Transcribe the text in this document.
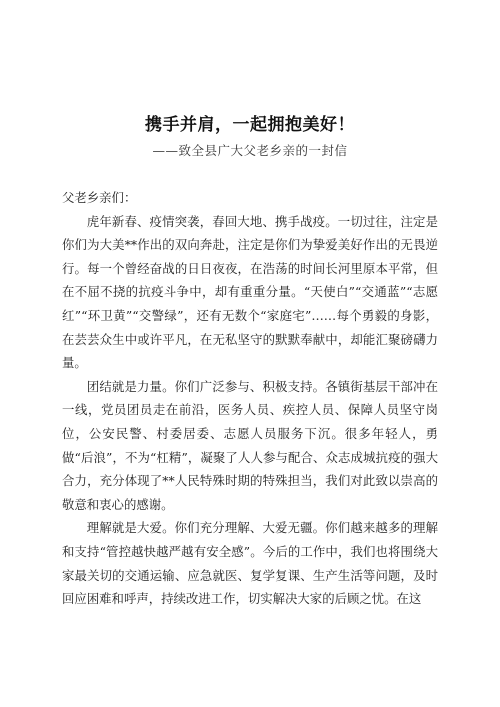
携手并肩，一起拥抱美好！
——致全县广大父老乡亲的一封信

父老乡亲们：

虎年新春、疫情突袭，春回大地、携手战疫。一切过往，注定是你们为大美**作出的双向奔赴，注定是你们为挚爱美好作出的无畏逆行。每一个曾经奋战的日日夜夜，在浩荡的时间长河里原本平常，但在不屈不挠的抗疫斗争中，却有重重分量。“天使白”“交通蓝”“志愿红”“环卫黄”“交警绿”，还有无数个“家庭宅”……每个勇毅的身影，在芸芸众生中或许平凡，在无私坚守的默默奉献中，却能汇聚磅礴力量。

团结就是力量。你们广泛参与、积极支持。各镇街基层干部冲在一线，党员团员走在前沿，医务人员、疾控人员、保障人员坚守岗位，公安民警、村委居委、志愿人员服务下沉。很多年轻人，勇做“后浪”，不为“杠精”，凝聚了人人参与配合、众志成城抗疫的强大合力，充分体现了**人民特殊时期的特殊担当，我们对此致以崇高的敬意和衷心的感谢。

理解就是大爱。你们充分理解、大爱无疆。你们越来越多的理解和支持“管控越快越严越有安全感”。今后的工作中，我们也将围绕大家最关切的交通运输、应急就医、复学复课、生产生活等问题，及时回应困难和呼声，持续改进工作，切实解决大家的后顾之忧。在这
